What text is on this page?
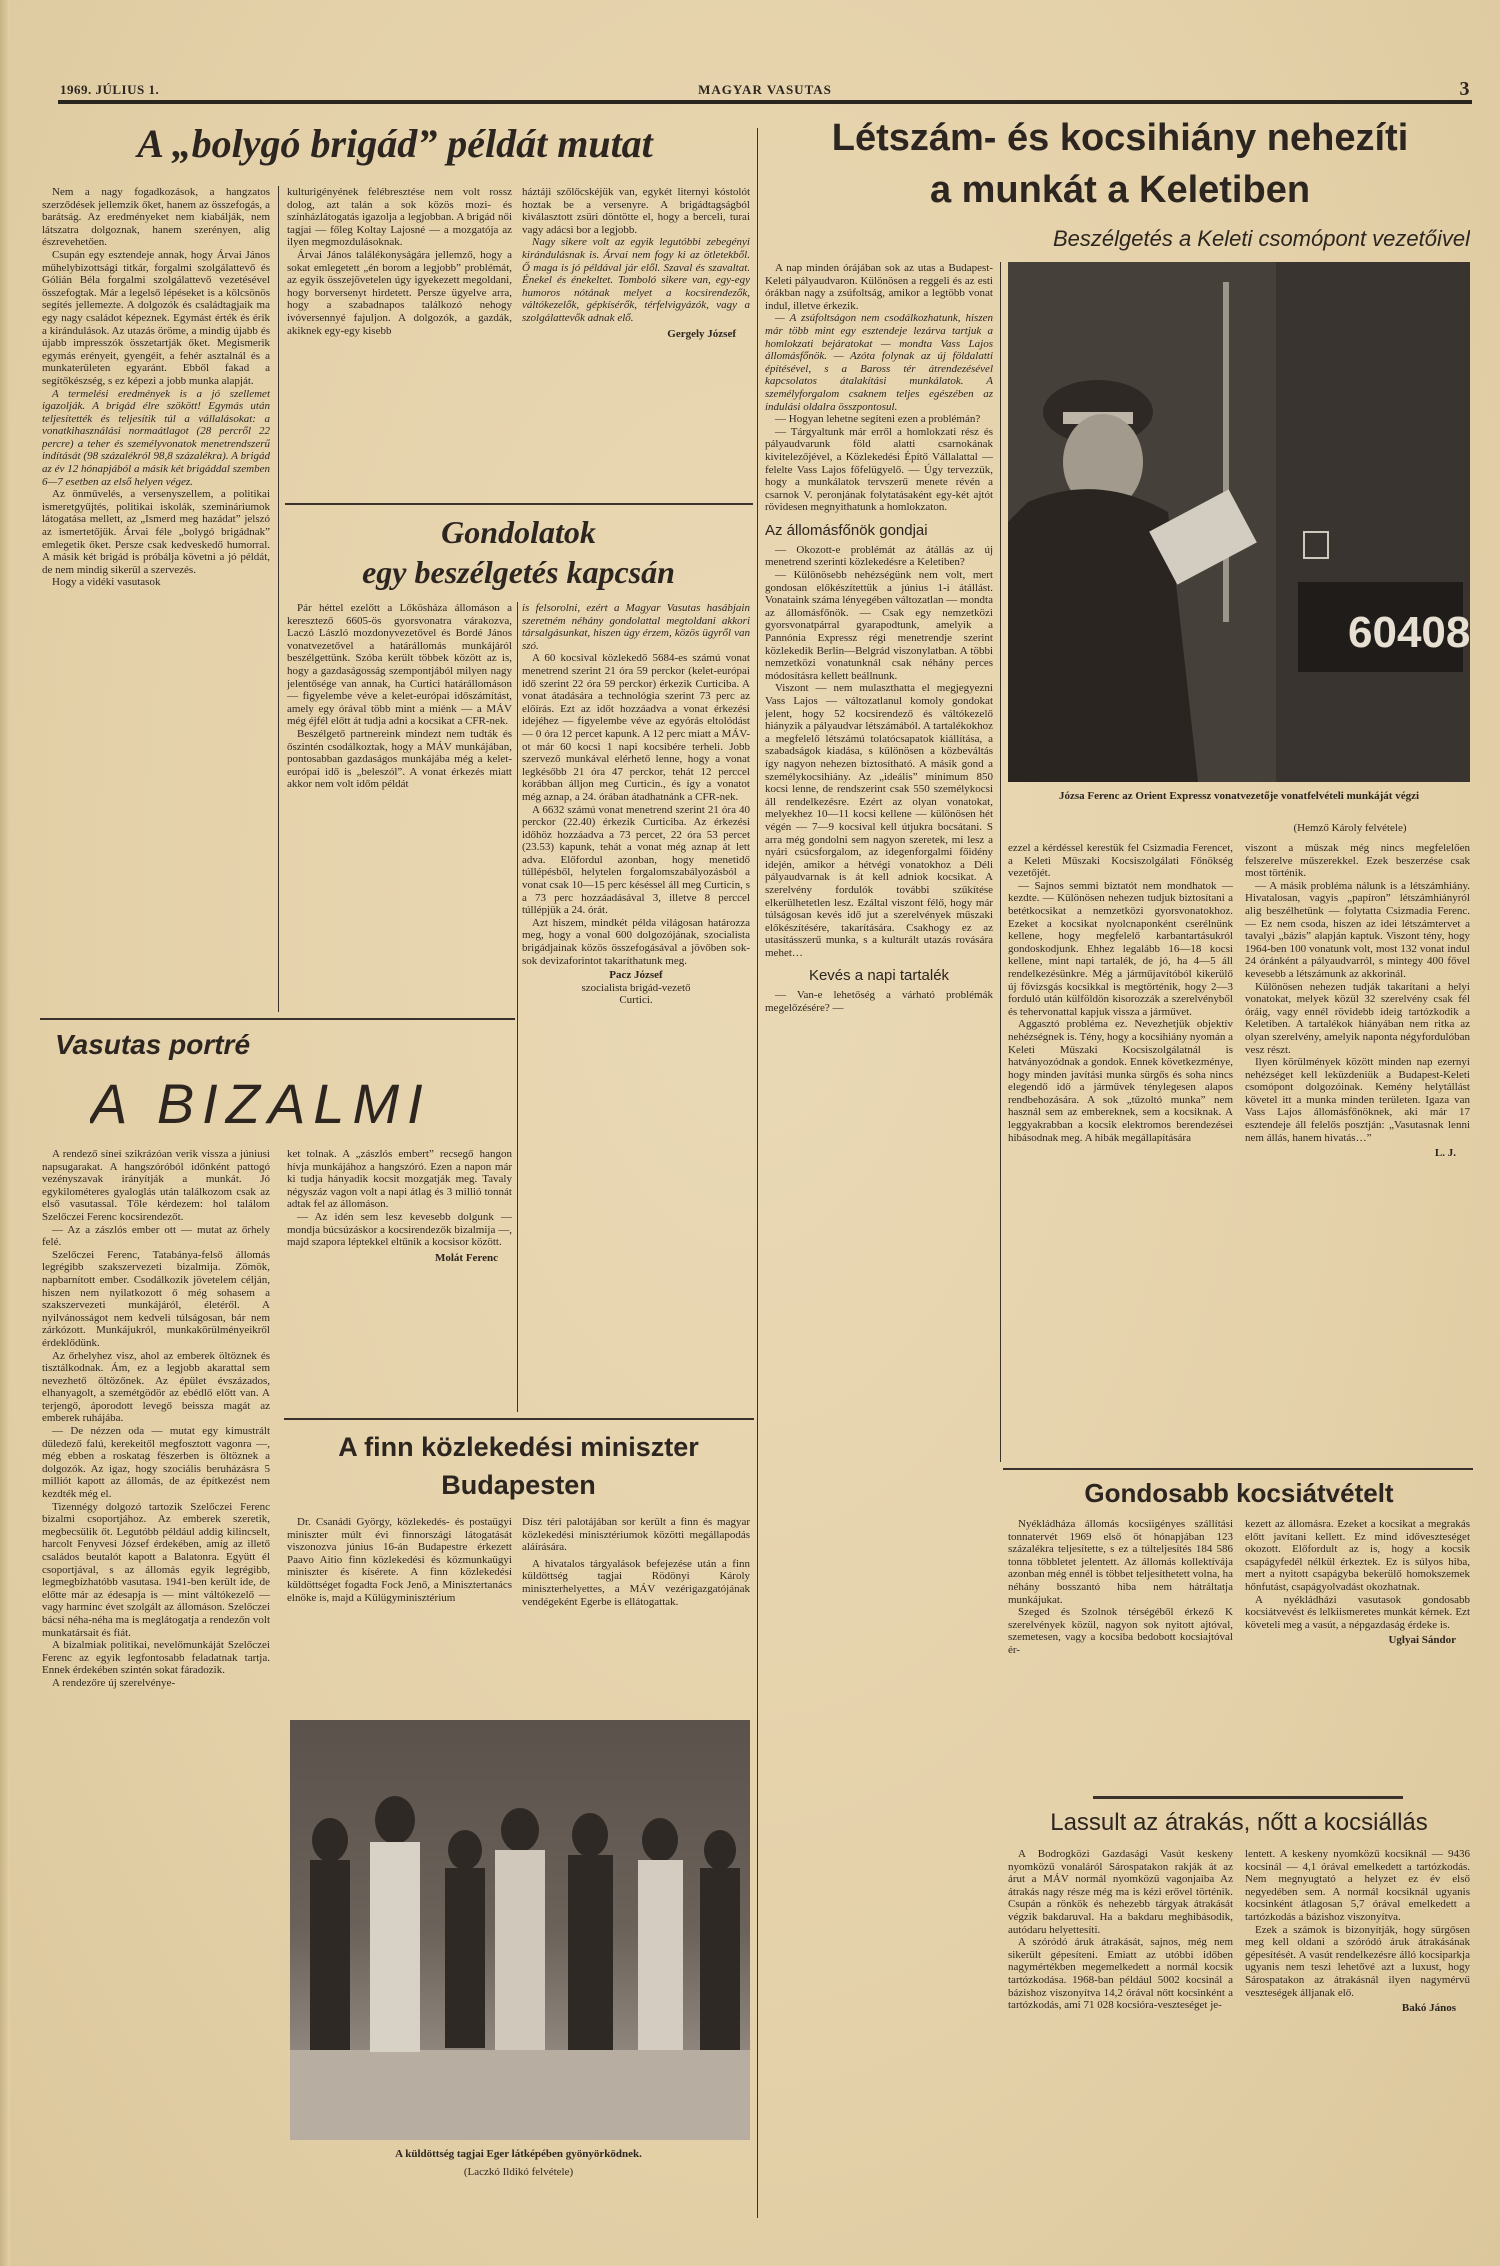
1969. JÚLIUS 1.	MAGYAR VASUTAS	3
A „bolygó brigád” példát mutat

Nem a nagy fogadkozások, a hangzatos szerződések jellemzik őket, hanem az összefogás, a barátság. Az eredményeket nem kiabálják, nem látszatra dolgoznak, hanem szerényen, alig észrevehetően.

Csupán egy esztendeje annak, hogy Árvai János műhelybizottsági titkár, forgalmi szolgálattevő és Gólián Béla forgalmi szolgálattevő vezetésével összefogtak. Már a legelső lépéseket is a kölcsönös segítés jellemezte. A dolgozók és családtagjaik ma egy nagy családot képeznek. Egymást érték és érik a kirándulások. Az utazás öröme, a mindig újabb és újabb impresszók összetartják őket. Megismerik egymás erényeit, gyengéit, a fehér asztalnál és a munkaterületen egyaránt. Ebből fakad a segítőkészség, s ez képezi a jobb munka alapját.

A termelési eredmények is a jó szellemet igazolják. A brigád élre szökött! Egymás után teljesítették és teljesítik túl a vállalásokat: a vonatkihasználási normaátlagot (28 percről 22 percre) a teher és személyvonatok menetrendszerű indítását (98 százalékról 98,8 százalékra). A brigád az év 12 hónapjából a másik két brigáddal szemben 6—7 esetben az első helyen végez.

Az önművelés, a versenyszellem, a politikai ismeretgyűjtés, politikai iskolák, szemináriumok látogatása mellett, az „Ismerd meg hazádat” jelszó az ismertetőjük. Árvai féle „bolygó brigádnak” emlegetik őket. Persze csak kedveskedő humorral. A másik két brigád is próbálja követni a jó példát, de nem mindig sikerül a szervezés.

Hogy a vidéki vasutasok

kulturigényének felébresztése nem volt rossz dolog, azt talán a sok közös mozi- és színházlátogatás igazolja a legjobban. A brigád női tagjai — főleg Koltay Lajosné — a mozgatója az ilyen megmozdulásoknak.

Árvai János találékonyságára jellemző, hogy a sokat emlegetett „én borom a legjobb” problémát, az egyik összejövetelen úgy igyekezett megoldani, hogy borversenyt hirdetett. Persze ügyelve arra, hogy a szabadnapos találkozó nehogy ivóversennyé fajuljon. A dolgozók, a gazdák, akiknek egy-egy kisebb

háztáji szőlőcskéjük van, egykét liternyi kóstolót hoztak be a versenyre. A brigádtagságból kiválasztott zsüri döntötte el, hogy a berceli, turai vagy adácsi bor a legjobb.

Nagy sikere volt az egyik legutóbbi zebegényi kirándulásnak is. Árvai nem fogy ki az ötletekből. Ő maga is jó példával jár elől. Szaval és szavaltat. Énekel és énekeltet. Tomboló sikere van, egy-egy humoros nótának melyet a kocsirendezők, váltókezelők, gépkísérők, térfelvigyázók, vagy a szolgálattevők adnak elő.

Gergely József

Gondolatok
egy beszélgetés kapcsán

Pár héttel ezelőtt a Lőkösháza állomáson a keresztező 6605-ös gyorsvonatra várakozva, Laczó László mozdonyvezetővel és Bordé János vonatvezetővel a határállomás munkájáról beszélgettünk. Szóba került többek között az is, hogy a gazdaságosság szempontjából milyen nagy jelentősége van annak, ha Curtici határállomáson — figyelembe véve a kelet-európai időszámítást, amely egy órával több mint a miénk — a MÁV még éjfél előtt át tudja adni a kocsikat a CFR-nek.

Beszélgető partnereink mindezt nem tudták és őszintén csodálkoztak, hogy a MÁV munkájában, pontosabban gazdaságos munkájába még a kelet-európai idő is „beleszól”. A vonat érkezés miatt akkor nem volt időm példát

is felsorolni, ezért a Magyar Vasutas hasábjain szeretném néhány gondolattal megtoldani akkori társalgásunkat, hiszen úgy érzem, közös ügyről van szó.

A 60 kocsival közlekedő 5684-es számú vonat menetrend szerint 21 óra 59 perckor (kelet-európai idő szerint 22 óra 59 perckor) érkezik Curticiba. A vonat átadására a technológia szerint 73 perc az előírás. Ezt az időt hozzáadva a vonat érkezési idejéhez — figyelembe véve az egyórás eltolódást — 0 óra 12 percet kapunk. A 12 perc miatt a MÁV-ot már 60 kocsi 1 napi kocsibére terheli. Jobb szervező munkával elérhető lenne, hogy a vonat legkésőbb 21 óra 47 perckor, tehát 12 perccel korábban álljon meg Curticin., és így a vonatot még aznap, a 24. órában átadhatnánk a CFR-nek.

A 6632 számú vonat menetrend szerint 21 óra 40 perckor (22.40) érkezik Curticiba. Az érkezési időhöz hozzáadva a 73 percet, 22 óra 53 percet (23.53) kapunk, tehát a vonat még aznap át lett adva. Előfordul azonban, hogy menetidő túllépésből, helytelen forgalomszabályozásból a vonat csak 10—15 perc késéssel áll meg Curticin, s a 73 perc hozzáadásával 3, illetve 8 perccel túllépjük a 24. órát.

Azt hiszem, mindkét példa világosan határozza meg, hogy a vonal 600 dolgozójának, szocialista brigádjainak közös összefogásával a jövőben sok-sok devizaforintot takaríthatunk meg.

Pacz József

szocialista brigád-vezető

Curtici.

Vasutas portré
A BIZALMI

A rendező sínei szikrázóan verik vissza a júniusi napsugarakat. A hangszóróból időnként pattogó vezényszavak irányítják a munkát. Jó egykilométeres gyaloglás után találkozom csak az első vasutassal. Tőle kérdezem: hol találom Szelőczei Ferenc kocsirendezőt.

— Az a zászlós ember ott — mutat az őrhely felé.

Szelőczei Ferenc, Tatabánya-felső állomás legrégibb szakszervezeti bizalmija. Zömök, napbarnított ember. Csodálkozik jövetelem célján, hiszen nem nyilatkozott ő még sohasem a szakszervezeti munkájáról, életéről. A nyilvánosságot nem kedveli túlságosan, bár nem zárkózott. Munkájukról, munkakörülményeikről érdeklődünk.

Az őrhelyhez visz, ahol az emberek öltöznek és tisztálkodnak. Ám, ez a legjobb akarattal sem nevezhető öltözőnek. Az épület évszázados, elhanyagolt, a szemétgödör az ebédlő előtt van. A terjengő, áporodott levegő beissza magát az emberek ruhájába.

— De nézzen oda — mutat egy kimustrált düledező falú, kerekeitől megfosztott vagonra —, még ebben a roskatag fészerben is öltöznek a dolgozók. Az igaz, hogy szociális beruházásra 5 milliót kapott az állomás, de az építkezést nem kezdték még el.

Tizennégy dolgozó tartozik Szelőczei Ferenc bizalmi csoportjához. Az emberek szeretik, megbecsülik őt. Legutóbb például addig kilincselt, harcolt Fenyvesi József érdekében, amíg az illető családos beutalót kapott a Balatonra. Együtt él csoportjával, s az állomás egyik legrégibb, legmegbízhatóbb vasutasa. 1941-ben került ide, de előtte már az édesapja is — mint váltókezelő — vagy harminc évet szolgált az állomáson. Szelőczei bácsi néha-néha ma is meglátogatja a rendezőn volt munkatársait és fiát.

A bizalmiak politikai, nevelőmunkáját Szelőczei Ferenc az egyik legfontosabb feladatnak tartja. Ennek érdekében szintén sokat fáradozik.

A rendezőre új szerelvénye-

ket tolnak. A „zászlós embert” recsegő hangon hívja munkájához a hangszóró. Ezen a napon már ki tudja hányadik kocsit mozgatják meg. Tavaly négyszáz vagon volt a napi átlag és 3 millió tonnát adtak fel az állomáson.

— Az idén sem lesz kevesebb dolgunk — mondja búcsúzáskor a kocsirendezők bizalmija —, majd szapora léptekkel eltűnik a kocsisor között.

Molát Ferenc

A finn közlekedési miniszter
Budapesten

Dr. Csanádi György, közlekedés- és postaügyi miniszter múlt évi finnországi látogatását viszonozva június 16-án Budapestre érkezett Paavo Aitio finn közlekedési és közmunkaügyi miniszter és kísérete. A finn közlekedési küldöttséget fogadta Fock Jenő, a Minisztertanács elnöke is, majd a Külügyminisztérium

Dísz téri palotájában sor került a finn és magyar közlekedési minisztériumok közötti megállapodás aláírására.

A hivatalos tárgyalások befejezése után a finn küldöttség tagjai Rödönyi Károly miniszterhelyettes, a MÁV vezérigazgatójának vendégeként Egerbe is ellátogattak.

A küldöttség tagjai Eger látképében gyönyörködnek.
(Laczkó Ildikó felvétele)
Létszám- és kocsihiány nehezíti
a munkát a Keletiben
Beszélgetés a Keleti csomópont vezetőivel

A nap minden órájában sok az utas a Budapest-Keleti pályaudvaron. Különösen a reggeli és az esti órákban nagy a zsúfoltság, amikor a legtöbb vonat indul, illetve érkezik.

— A zsúfoltságon nem csodálkozhatunk, hiszen már több mint egy esztendeje lezárva tartjuk a homlokzati bejáratokat — mondta Vass Lajos állomásfőnök. — Azóta folynak az új földalatti építésével, s a Baross tér átrendezésével kapcsolatos átalakítási munkálatok. A személyforgalom csaknem teljes egészében az indulási oldalra összpontosul.

— Hogyan lehetne segíteni ezen a problémán?

— Tárgyaltunk már erről a homlokzati rész és pályaudvarunk föld alatti csarnokának kivitelezőjével, a Közlekedési Építő Vállalattal — felelte Vass Lajos főfelügyelő. — Úgy tervezzük, hogy a munkálatok tervszerű menete révén a csarnok V. peronjának folytatásaként egy-két ajtót rövidesen megnyithatunk a homlokzaton.

Az állomásfőnök gondjai

— Okozott-e problémát az átállás az új menetrend szerinti közlekedésre a Keletiben?

— Különösebb nehézségünk nem volt, mert gondosan előkészítettük a június 1-i átállást. Vonataink száma lényegében változatlan — mondta az állomásfőnök. — Csak egy nemzetközi gyorsvonatpárral gyarapodtunk, amelyik a Pannónia Expressz régi menetrendje szerint közlekedik Berlin—Belgrád viszonylatban. A többi nemzetközi vonatunknál csak néhány perces módosításra kellett beállnunk.

Viszont — nem mulaszthatta el megjegyezni Vass Lajos — változatlanul komoly gondokat jelent, hogy 52 kocsirendező és váltókezelő hiányzik a pályaudvar létszámából. A tartalékokhoz a megfelelő létszámú tolatócsapatok kiállítása, a szabadságok kiadása, s különösen a közbeváltás így nagyon nehezen biztosítható. A másik gond a személykocsihiány. Az „ideális” minimum 850 kocsi lenne, de rendszerint csak 550 személykocsi áll rendelkezésre. Ezért az olyan vonatokat, melyekhez 10—11 kocsi kellene — különösen hét végén — 7—9 kocsival kell útjukra bocsátani. S arra még gondolni sem nagyon szeretek, mi lesz a nyári csúcsforgalom, az idegenforgalmi főidény idején, amikor a hétvégi vonatokhoz a Déli pályaudvarnak is át kell adniok kocsikat. A szerelvény fordulók további szűkítése elkerülhetetlen lesz. Ezáltal viszont félő, hogy már túlságosan kevés idő jut a szerelvények műszaki előkészítésére, takarítására. Csakhogy ez az utasításszerű munka, s a kulturált utazás rovására mehet…

Kevés a napi tartalék

— Van-e lehetőség a várható problémák megelőzésére? —

60408
Józsa Ferenc az Orient Expressz vonatvezetője vonatfelvételi munkáját végzi
(Hemző Károly felvétele)

ezzel a kérdéssel kerestük fel Csizmadia Ferencet, a Keleti Műszaki Kocsiszolgálati Főnökség vezetőjét.

— Sajnos semmi biztatót nem mondhatok — kezdte. — Különösen nehezen tudjuk biztosítani a betétkocsikat a nemzetközi gyorsvonatokhoz. Ezeket a kocsikat nyolcnaponként cserélnünk kellene, hogy megfelelő karbantartásukról gondoskodjunk. Ehhez legalább 16—18 kocsi kellene, mint napi tartalék, de jó, ha 4—5 áll rendelkezésünkre. Még a járműjavítóból kikerülő új fővizsgás kocsikkal is megtörténik, hogy 2—3 forduló után külföldön kisorozzák a szerelvényből és tehervonattal kapjuk vissza a járművet.

Aggasztó probléma ez. Nevezhetjük objektív nehézségnek is. Tény, hogy a kocsihiány nyomán a Keleti Műszaki Kocsiszolgálatnál is hatványozódnak a gondok. Ennek következménye, hogy minden javítási munka sürgős és soha nincs elegendő idő a járművek ténylegesen alapos rendbehozására. A sok „tűzoltó munka” nem használ sem az embereknek, sem a kocsiknak. A leggyakrabban a kocsik elektromos berendezései hibásodnak meg. A hibák megállapítására

viszont a műszak még nincs megfelelően felszerelve műszerekkel. Ezek beszerzése csak most történik.

— A másik probléma nálunk is a létszámhiány. Hivatalosan, vagyis „papíron” létszámhiányról alig beszélhetünk — folytatta Csizmadia Ferenc. — Ez nem csoda, hiszen az idei létszámtervet a tavalyi „bázis” alapján kaptuk. Viszont tény, hogy 1964-ben 100 vonatunk volt, most 132 vonat indul 24 óránként a pályaudvarról, s mintegy 400 fővel kevesebb a létszámunk az akkorinál.

Különösen nehezen tudják takarítani a helyi vonatokat, melyek közül 32 szerelvény csak fél óráig, vagy ennél rövidebb ideig tartózkodik a Keletiben. A tartalékok hiányában nem ritka az olyan szerelvény, amelyik naponta négyfordulóban vesz részt.

Ilyen körülmények között minden nap ezernyi nehézséget kell leküzdeniük a Budapest-Keleti csomópont dolgozóinak. Kemény helytállást követel itt a munka minden területen. Igaza van Vass Lajos állomásfőnöknek, aki már 17 esztendeje áll felelős posztján: „Vasutasnak lenni nem állás, hanem hivatás…”

L. J.

Gondosabb kocsiátvételt

Nyékládháza állomás kocsiigényes szállítási tonnatervét 1969 első öt hónapjában 123 százalékra teljesítette, s ez a túlteljesítés 184 586 tonna többletet jelentett. Az állomás kollektívája azonban még ennél is többet teljesíthetett volna, ha néhány bosszantó hiba nem hátráltatja munkájukat.

Szeged és Szolnok térségéből érkező K szerelvények közül, nagyon sok nyitott ajtóval, szemetesen, vagy a kocsiba bedobott kocsiajtóval ér-

kezett az állomásra. Ezeket a kocsikat a megrakás előtt javítani kellett. Ez mind időveszteséget okozott. Előfordult az is, hogy a kocsik csapágyfedél nélkül érkeztek. Ez is súlyos hiba, mert a nyitott csapágyba bekerülő homokszemek hőnfutást, csapágyolvadást okozhatnak.

A nyékládházi vasutasok gondosabb kocsiátvevést és lelkiismeretes munkát kérnek. Ezt követeli meg a vasút, a népgazdaság érdeke is.

Uglyai Sándor

Lassult az átrakás, nőtt a kocsiállás

A Bodrogközi Gazdasági Vasút keskeny nyomközű vonaláról Sárospatakon rakják át az árut a MÁV normál nyomközű vagonjaiba Az átrakás nagy része még ma is kézi erővel történik. Csupán a rönkök és nehezebb tárgyak átrakását végzik bakdaruval. Ha a bakdaru meghibásodik, autódaru helyettesíti.

A szóródó áruk átrakását, sajnos, még nem sikerült gépesíteni. Emiatt az utóbbi időben nagymértékben megemelkedett a normál kocsik tartózkodása. 1968-ban például 5002 kocsinál a bázishoz viszonyítva 14,2 órával nőtt kocsinként a tartózkodás, ami 71 028 kocsióra-veszteséget je-

lentett. A keskeny nyomközű kocsiknál — 9436 kocsinál — 4,1 órával emelkedett a tartózkodás. Nem megnyugtató a helyzet ez év első negyedében sem. A normál kocsiknál ugyanis kocsinként átlagosan 5,7 órával emelkedett a tartózkodás a bázishoz viszonyítva.

Ezek a számok is bizonyítják, hogy sürgősen meg kell oldani a szóródó áruk átrakásának gépesítését. A vasút rendelkezésre álló kocsiparkja ugyanis nem teszi lehetővé azt a luxust, hogy Sárospatakon az átrakásnál ilyen nagymérvű veszteségek álljanak elő.

Bakó János
